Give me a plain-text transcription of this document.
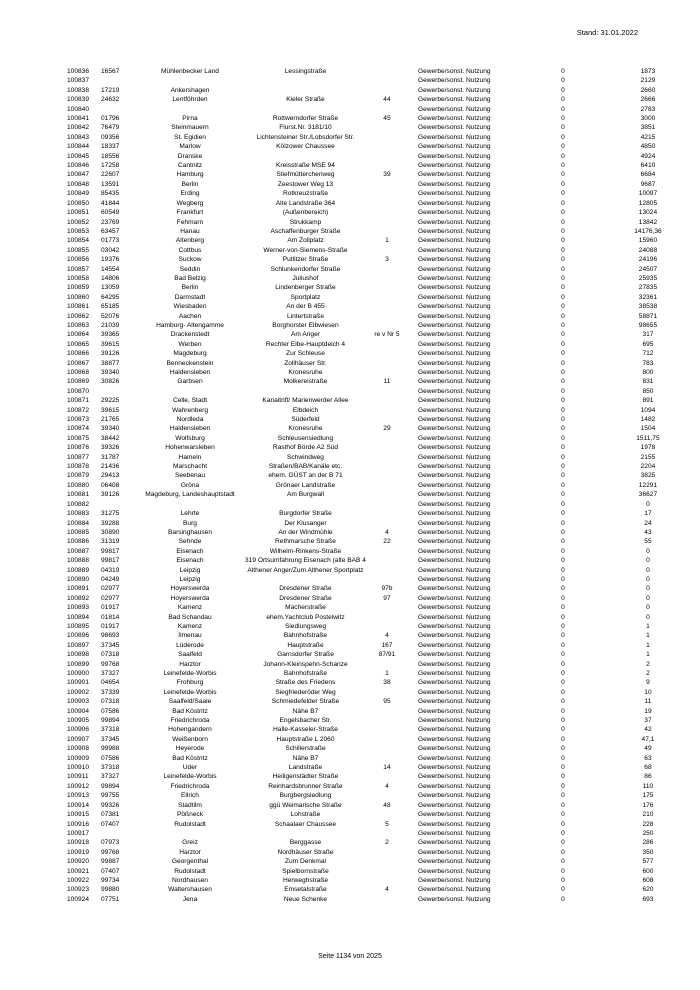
Stand: 31.01.2022
100836	16567	Mühlenbecker Land	Lessingstraße			Gewerbe/sonst. Nutzung	0	1873
100837						Gewerbe/sonst. Nutzung	0	2129
100838	17219	Ankershagen				Gewerbe/sonst. Nutzung	0	2660
100839	24632	Lentföhrden	Kieler Straße	44		Gewerbe/sonst. Nutzung	0	2666
100840						Gewerbe/sonst. Nutzung	0	2783
100841	01796	Pirna	Rottwerndorfer Straße	45		Gewerbe/sonst. Nutzung	0	3000
100842	76479	Steinmauern	Flurst.Nr. 3181/10			Gewerbe/sonst. Nutzung	0	3851
100843	09356	St. Egidien	Lichtensteiner Str./Lobsdorfer Str.			Gewerbe/sonst. Nutzung	0	4215
100844	18337	Marlow	Kölzower Chaussee			Gewerbe/sonst. Nutzung	0	4850
100845	18556	Dranske				Gewerbe/sonst. Nutzung	0	4924
100846	17258	Cantnitz	Kreisstraße MSE 94			Gewerbe/sonst. Nutzung	0	6410
100847	22607	Hamburg	Stiefmütterchenweg	39		Gewerbe/sonst. Nutzung	0	6684
100848	13591	Berlin	Zeestower Weg 13			Gewerbe/sonst. Nutzung	0	9687
100849	85435	Erding	Rotkreuzstraße			Gewerbe/sonst. Nutzung	0	10097
100850	41844	Wegberg	Alte Landstraße 364			Gewerbe/sonst. Nutzung	0	12805
100851	60549	Frankfurt	(Außenbereich)			Gewerbe/sonst. Nutzung	0	13024
100852	23769	Fehmarn	Strukkamp			Gewerbe/sonst. Nutzung	0	13842
100853	63457	Hanau	Aschaffenburger Straße			Gewerbe/sonst. Nutzung	0	14176,36
100854	01773	Altenberg	Am Zollplatz	1		Gewerbe/sonst. Nutzung	0	15960
100855	03042	Cottbus	Werner-von-Siemens-Straße			Gewerbe/sonst. Nutzung	0	24088
100856	19376	Suckow	Putlitzer Straße	3		Gewerbe/sonst. Nutzung	0	24196
100857	14554	Seddin	Schlunkendorfer Straße			Gewerbe/sonst. Nutzung	0	24507
100858	14806	Bad Belzig	Juliushof			Gewerbe/sonst. Nutzung	0	25935
100859	13059	Berlin	Lindenberger Straße			Gewerbe/sonst. Nutzung	0	27835
100860	64295	Darmstadt	Sportplatz			Gewerbe/sonst. Nutzung	0	32361
100861	65185	Wiesbaden	An der B 455			Gewerbe/sonst. Nutzung	0	38538
100862	52076	Aachen	Lintertstraße			Gewerbe/sonst. Nutzung	0	58871
100863	21039	Hamburg- Altengamme	Borghorster Elbwiesen			Gewerbe/sonst. Nutzung	0	98655
100864	39365	Drackenstedt	Am Anger	re v Nr 5		Gewerbe/sonst. Nutzung	0	317
100865	39615	Werben	Rechter Elbe-Hauptdeich 4			Gewerbe/sonst. Nutzung	0	695
100866	39126	Magdeburg	Zur Schleuse			Gewerbe/sonst. Nutzung	0	712
100867	38877	Benneckenstein	Zollhäuser Str.			Gewerbe/sonst. Nutzung	0	783
100868	39340	Haldensleben	Kronesruhe			Gewerbe/sonst. Nutzung	0	800
100869	30826	Garbsen	Molkereistraße	11		Gewerbe/sonst. Nutzung	0	831
100870						Gewerbe/sonst. Nutzung	0	850
100871	29225	Celle, Stadt	Kanaltrift/ Marienwerder Allee			Gewerbe/sonst. Nutzung	0	891
100872	39615	Wahrenberg	Elbdeich			Gewerbe/sonst. Nutzung	0	1094
100873	21765	Nordleda	Süderfeld			Gewerbe/sonst. Nutzung	0	1482
100874	39340	Haldensleben	Kronesruhe	29		Gewerbe/sonst. Nutzung	0	1504
100875	38442	Wolfsburg	Schleusensiedlung			Gewerbe/sonst. Nutzung	0	1511,75
100876	39326	Hohenwarsleben	Rasthof Börde A2 Süd			Gewerbe/sonst. Nutzung	0	1978
100877	31787	Hameln	Schwindweg			Gewerbe/sonst. Nutzung	0	2155
100878	21436	Marschacht	Straßen/BAB/Kanäle etc.			Gewerbe/sonst. Nutzung	0	2204
100879	29413	Seebenau	ehem. GÜST an der B 71			Gewerbe/sonst. Nutzung	0	3825
100880	06408	Gröna	Grönaer Landstraße			Gewerbe/sonst. Nutzung	0	12291
100881	39126	Magdeburg, Landeshauptstadt	Am Burgwall			Gewerbe/sonst. Nutzung	0	36627
100882						Gewerbe/sonst. Nutzung	0	0
100883	31275	Lehrte	Burgdorfer Straße			Gewerbe/sonst. Nutzung	0	17
100884	39288	Burg	Der Klusanger			Gewerbe/sonst. Nutzung	0	24
100885	30890	Barsinghausen	An der Windmühle	4		Gewerbe/sonst. Nutzung	0	43
100886	31319	Sehnde	Rethmarsche Straße	22		Gewerbe/sonst. Nutzung	0	55
100887	99817	Eisenach	Wilhelm-Rinkens-Straße			Gewerbe/sonst. Nutzung	0	0
100888	99817	Eisenach	319 Ortsumfahrung Eisenach (alte BAB 4			Gewerbe/sonst. Nutzung	0	0
100889	04319	Leipzig	Althener Anger/Zum Althener Sportplatz			Gewerbe/sonst. Nutzung	0	0
100890	04249	Leipzig				Gewerbe/sonst. Nutzung	0	0
100891	02977	Hoyerswerda	Dresdener Straße	97b		Gewerbe/sonst. Nutzung	0	0
100892	02977	Hoyerswerda	Dresdener Straße	97		Gewerbe/sonst. Nutzung	0	0
100893	01917	Kamenz	Macherstraße			Gewerbe/sonst. Nutzung	0	0
100894	01814	Bad Schandau	ehem.Yachtclub Postelwitz			Gewerbe/sonst. Nutzung	0	0
100895	01917	Kamenz	Siedlungsweg			Gewerbe/sonst. Nutzung	0	1
100896	98693	Ilmenau	Bahnhofstraße	4		Gewerbe/sonst. Nutzung	0	1
100897	37345	Lüderode	Hauptstraße	167		Gewerbe/sonst. Nutzung	0	1
100898	07318	Saalfeld	Garnsdorfer Straße	87/91		Gewerbe/sonst. Nutzung	0	1
100899	99768	Harztor	Johann-Kleinspehn-Schanze			Gewerbe/sonst. Nutzung	0	2
100900	37327	Leinefelde-Worbis	Bahnhofstraße	1		Gewerbe/sonst. Nutzung	0	2
100901	04654	Frohburg	Straße des Friedens	38		Gewerbe/sonst. Nutzung	0	9
100902	37339	Leinefelde-Worbis	Siegfriederöder Weg			Gewerbe/sonst. Nutzung	0	10
100903	07318	Saalfeld/Saale	Schmiedefelder Straße	95		Gewerbe/sonst. Nutzung	0	11
100904	07586	Bad Köstritz	Nähe B7			Gewerbe/sonst. Nutzung	0	19
100905	99894	Friedrichroda	Engelsbacher Str.			Gewerbe/sonst. Nutzung	0	37
100906	37318	Hohengandern	Halle-Kasseler-Straße			Gewerbe/sonst. Nutzung	0	42
100907	37345	Weißenborn	Hauptstraße L 2060			Gewerbe/sonst. Nutzung	0	47,1
100908	99988	Heyerode	Schillerstraße			Gewerbe/sonst. Nutzung	0	49
100909	07586	Bad Köstritz	Nähe B7			Gewerbe/sonst. Nutzung	0	63
100910	37318	Uder	Landstraße	14		Gewerbe/sonst. Nutzung	0	68
100911	37327	Leinefelde-Worbis	Heiligenstädter Straße			Gewerbe/sonst. Nutzung	0	86
100912	99894	Friedrichroda	Reinhardsbrunner Straße	4		Gewerbe/sonst. Nutzung	0	110
100913	99755	Ellrich	Burgbergsiedlung			Gewerbe/sonst. Nutzung	0	175
100914	99326	Stadtilm	ggü Weimarische Straße	48		Gewerbe/sonst. Nutzung	0	176
100915	07381	Pößneck	Lohstraße			Gewerbe/sonst. Nutzung	0	210
100916	07407	Rudolstadt	Schaalaer Chaussee	5		Gewerbe/sonst. Nutzung	0	228
100917						Gewerbe/sonst. Nutzung	0	250
100918	07973	Greiz	Berggasse	2		Gewerbe/sonst. Nutzung	0	286
100919	99768	Harztor	Nordhäuser Straße			Gewerbe/sonst. Nutzung	0	350
100920	99887	Georgenthal	Zum Denkmal			Gewerbe/sonst. Nutzung	0	577
100921	07407	Rudolstadt	Spielbornstraße			Gewerbe/sonst. Nutzung	0	600
100922	99734	Nordhausen	Herweghstraße			Gewerbe/sonst. Nutzung	0	608
100923	99880	Waltershausen	Emsetalstraße	4		Gewerbe/sonst. Nutzung	0	620
100924	07751	Jena	Neue Schenke			Gewerbe/sonst. Nutzung	0	693
Seite 1134 von 2025
